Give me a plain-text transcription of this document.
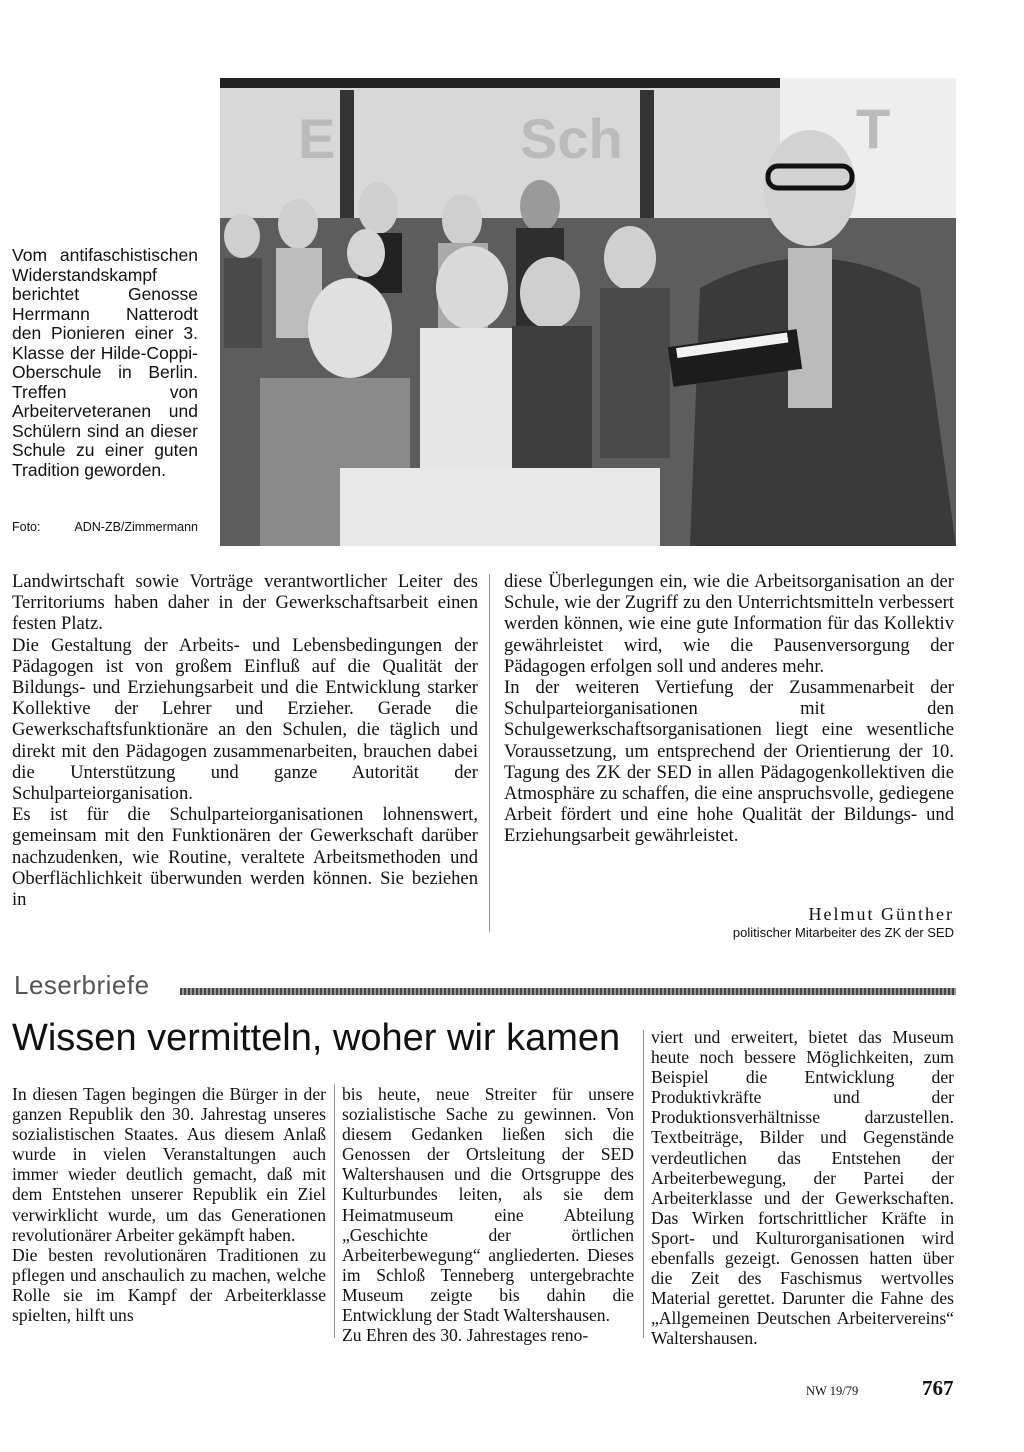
Vom antifaschistischen Widerstandskampf berichtet Genosse Herrmann Natterodt den Pionieren einer 3. Klasse der Hilde-Coppi-Oberschule in Berlin. Treffen von Arbeiterveteranen und Schülern sind an dieser Schule zu einer guten Tradition geworden.
Foto:	ADN-ZB/Zimmermann
E	Sch	T

Landwirtschaft sowie Vorträge verantwortlicher Leiter des Territoriums haben daher in der Gewerkschaftsarbeit einen festen Platz.

Die Gestaltung der Arbeits- und Lebensbedingungen der Pädagogen ist von großem Einfluß auf die Qualität der Bildungs- und Erziehungsarbeit und die Entwicklung starker Kollektive der Lehrer und Erzieher. Gerade die Gewerkschaftsfunktionäre an den Schulen, die täglich und direkt mit den Pädagogen zusammenarbeiten, brauchen dabei die Unterstützung und ganze Autorität der Schulparteiorganisation.

Es ist für die Schulparteiorganisationen lohnenswert, gemeinsam mit den Funktionären der Gewerkschaft darüber nachzudenken, wie Routine, veraltete Arbeitsmethoden und Oberflächlichkeit überwunden werden können. Sie beziehen in

diese Überlegungen ein, wie die Arbeitsorganisation an der Schule, wie der Zugriff zu den Unterrichtsmitteln verbessert werden können, wie eine gute Information für das Kollektiv gewährleistet wird, wie die Pausenversorgung der Pädagogen erfolgen soll und anderes mehr.

In der weiteren Vertiefung der Zusammenarbeit der Schulparteiorganisationen mit den Schulgewerkschaftsorganisationen liegt eine wesentliche Voraussetzung, um entsprechend der Orientierung der 10. Tagung des ZK der SED in allen Pädagogenkollektiven die Atmosphäre zu schaffen, die eine anspruchsvolle, gediegene Arbeit fördert und eine hohe Qualität der Bildungs- und Erziehungsarbeit gewährleistet.

Helmut Günther
politischer Mitarbeiter des ZK der SED
Leserbriefe
Wissen vermitteln, woher wir kamen

In diesen Tagen begingen die Bürger in der ganzen Republik den 30. Jahrestag unseres sozialistischen Staates. Aus diesem Anlaß wurde in vielen Veranstaltungen auch immer wieder deutlich gemacht, daß mit dem Entstehen unserer Republik ein Ziel verwirklicht wurde, um das Generationen revolutionärer Arbeiter gekämpft haben.

Die besten revolutionären Traditionen zu pflegen und anschaulich zu machen, welche Rolle sie im Kampf der Arbeiterklasse spielten, hilft uns

bis heute, neue Streiter für unsere sozialistische Sache zu gewinnen. Von diesem Gedanken ließen sich die Genossen der Ortsleitung der SED Waltershausen und die Ortsgruppe des Kulturbundes leiten, als sie dem Heimatmuseum eine Abteilung „Geschichte der örtlichen Arbeiterbewegung“ angliederten. Dieses im Schloß Tenneberg untergebrachte Museum zeigte bis dahin die Entwicklung der Stadt Waltershausen.

Zu Ehren des 30. Jahrestages reno-

viert und erweitert, bietet das Museum heute noch bessere Möglichkeiten, zum Beispiel die Entwicklung der Produktivkräfte und der Produktionsverhältnisse darzustellen. Textbeiträge, Bilder und Gegenstände verdeutlichen das Entstehen der Arbeiterbewegung, der Partei der Arbeiterklasse und der Gewerkschaften. Das Wirken fortschrittlicher Kräfte in Sport- und Kulturorganisationen wird ebenfalls gezeigt. Genossen hatten über die Zeit des Faschismus wertvolles Material gerettet. Darunter die Fahne des „Allgemeinen Deutschen Arbeitervereins“ Waltershausen.

NW 19/79	767
